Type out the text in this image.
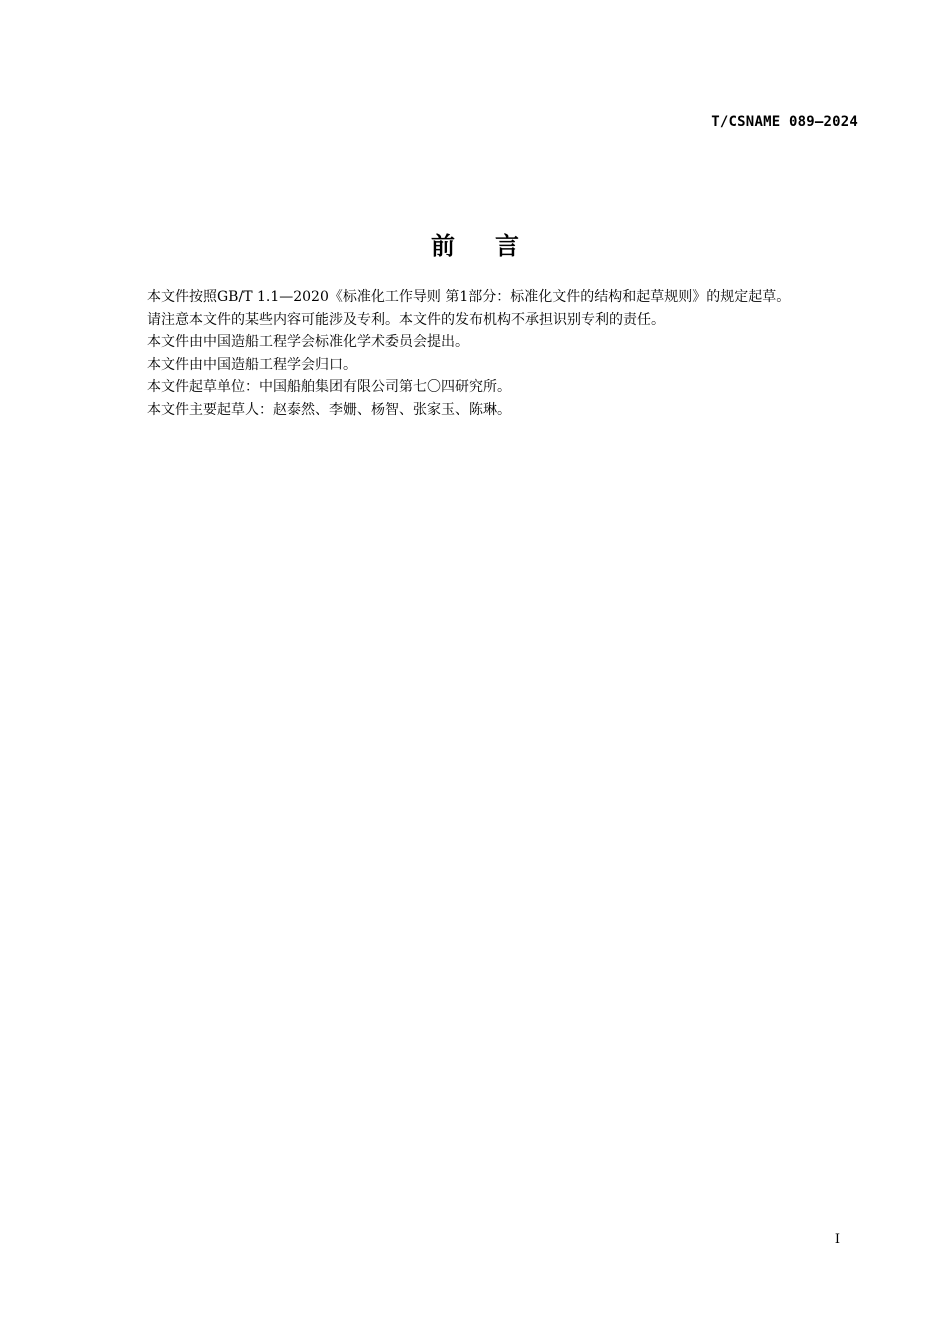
T/CSNAME 089—2024
前言

本文件按照GB/T 1.1—2020《标准化工作导则 第1部分：标准化文件的结构和起草规则》的规定起草。

请注意本文件的某些内容可能涉及专利。本文件的发布机构不承担识别专利的责任。

本文件由中国造船工程学会标准化学术委员会提出。

本文件由中国造船工程学会归口。

本文件起草单位：中国船舶集团有限公司第七〇四研究所。

本文件主要起草人：赵泰然、李姗、杨智、张家玉、陈琳。

I
